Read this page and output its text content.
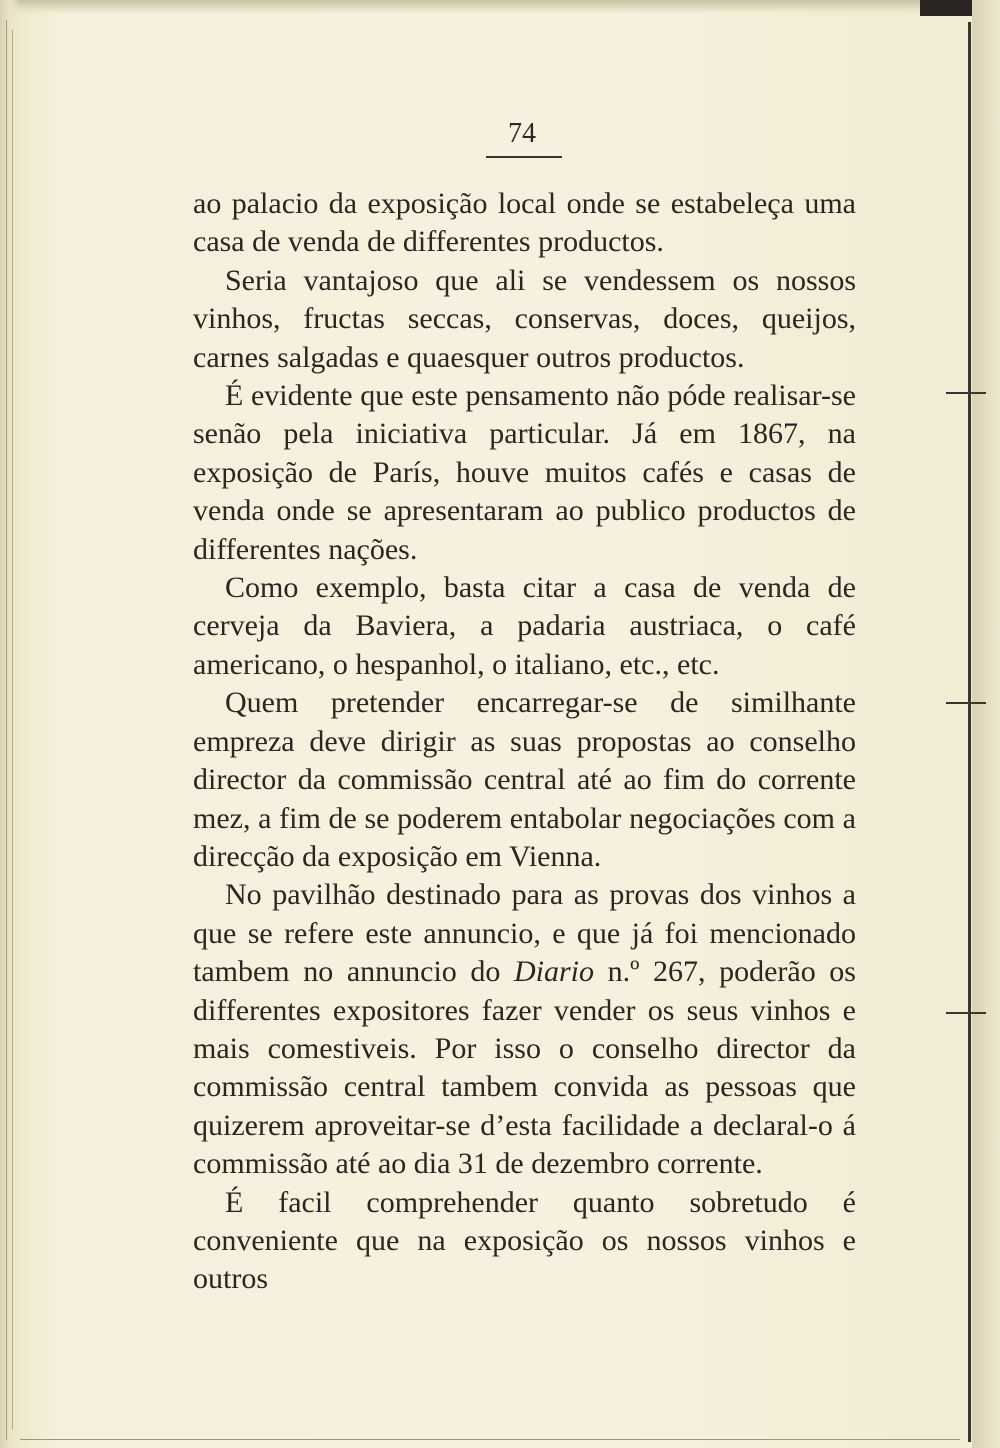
74

ao palacio da exposição local onde se estabeleça uma casa de venda de differentes productos.

Seria vantajoso que ali se vendessem os nossos vinhos, fructas seccas, conservas, doces, queijos, carnes salgadas e quaesquer outros productos.

É evidente que este pensamento não póde realisar-se senão pela iniciativa particular. Já em 1867, na exposição de París, houve muitos cafés e casas de venda onde se apresentaram ao publico productos de differentes nações.

Como exemplo, basta citar a casa de venda de cerveja da Baviera, a padaria austriaca, o café americano, o hespanhol, o italiano, etc., etc.

Quem pretender encarregar-se de similhante empreza deve dirigir as suas propostas ao conselho director da commissão central até ao fim do corrente mez, a fim de se poderem entabolar negociações com a direcção da exposição em Vienna.

No pavilhão destinado para as provas dos vinhos a que se refere este annuncio, e que já foi mencionado tambem no annuncio do Diario n.º 267, poderão os differentes expositores fazer vender os seus vinhos e mais comestiveis. Por isso o conselho director da commissão central tambem convida as pessoas que quizerem aproveitar-se d’esta facilidade a declaral-o á commissão até ao dia 31 de dezembro corrente.

É facil comprehender quanto sobretudo é conveniente que na exposição os nossos vinhos e outros
